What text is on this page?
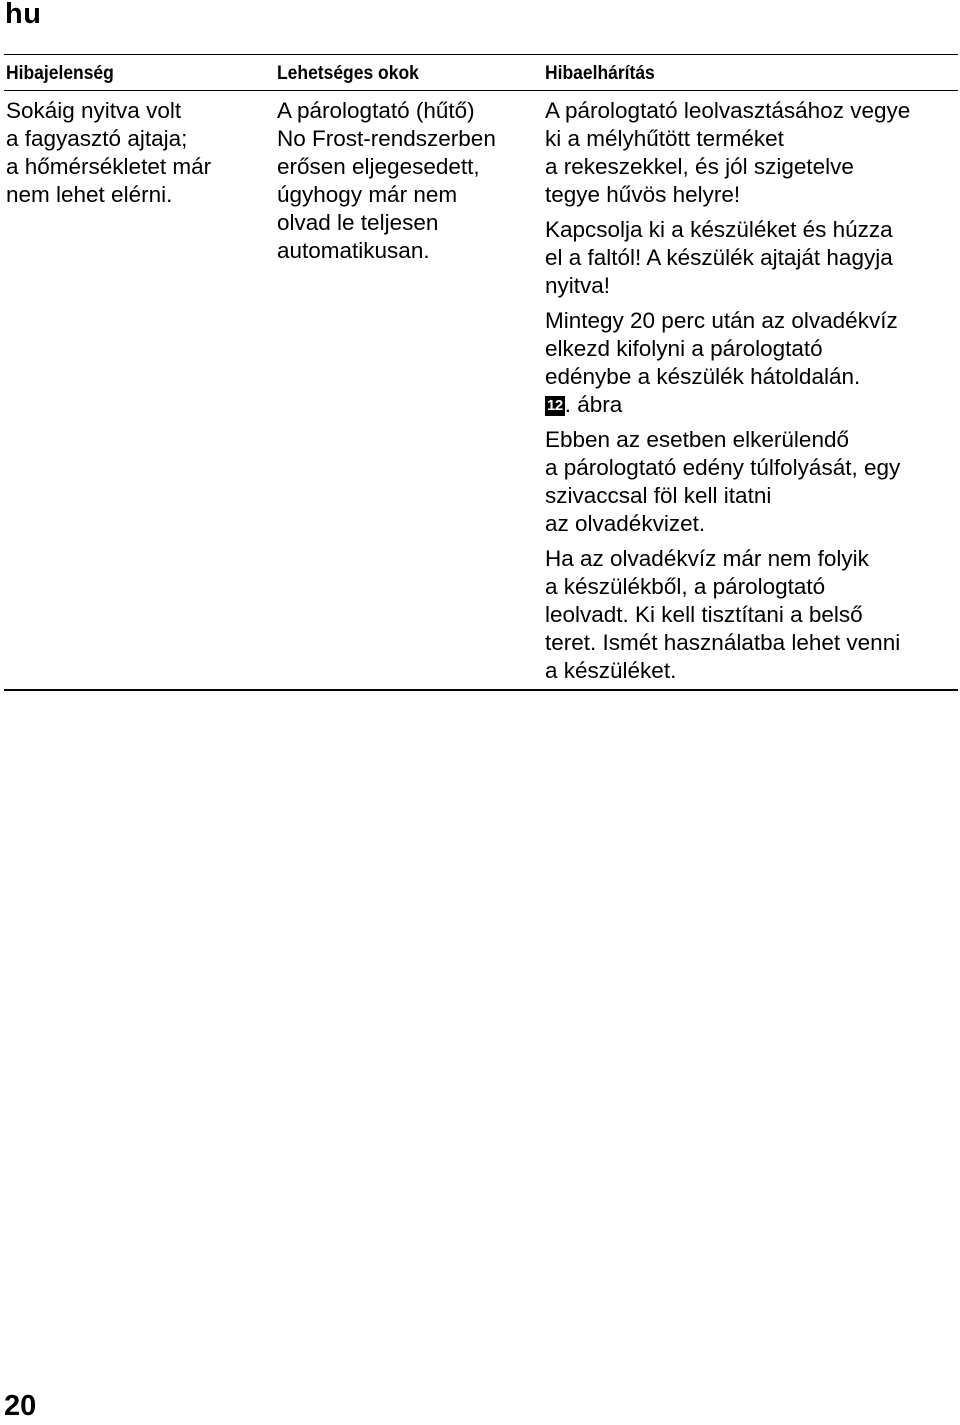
hu
Hibajelenség	Lehetséges okok	Hibaelhárítás
Sokáig nyitva volt
a fagyasztó ajtaja;
a hőmérsékletet már
nem lehet elérni.
A párologtató (hűtő)
No Frost-rendszerben
erősen eljegesedett,
úgyhogy már nem
olvad le teljesen
automatikusan.
A párologtató leolvasztásához vegye
ki a mélyhűtött terméket
a rekeszekkel, és jól szigetelve
tegye hűvös helyre!
Kapcsolja ki a készüléket és húzza
el a faltól! A készülék ajtaját hagyja
nyitva!
Mintegy 20 perc után az olvadékvíz
elkezd kifolyni a párologtató
edénybe a készülék hátoldalán.
12. ábra
Ebben az esetben elkerülendő
a párologtató edény túlfolyását, egy
szivaccsal föl kell itatni
az olvadékvizet.
Ha az olvadékvíz már nem folyik
a készülékből, a párologtató
leolvadt. Ki kell tisztítani a belső
teret. Ismét használatba lehet venni
a készüléket.
20
